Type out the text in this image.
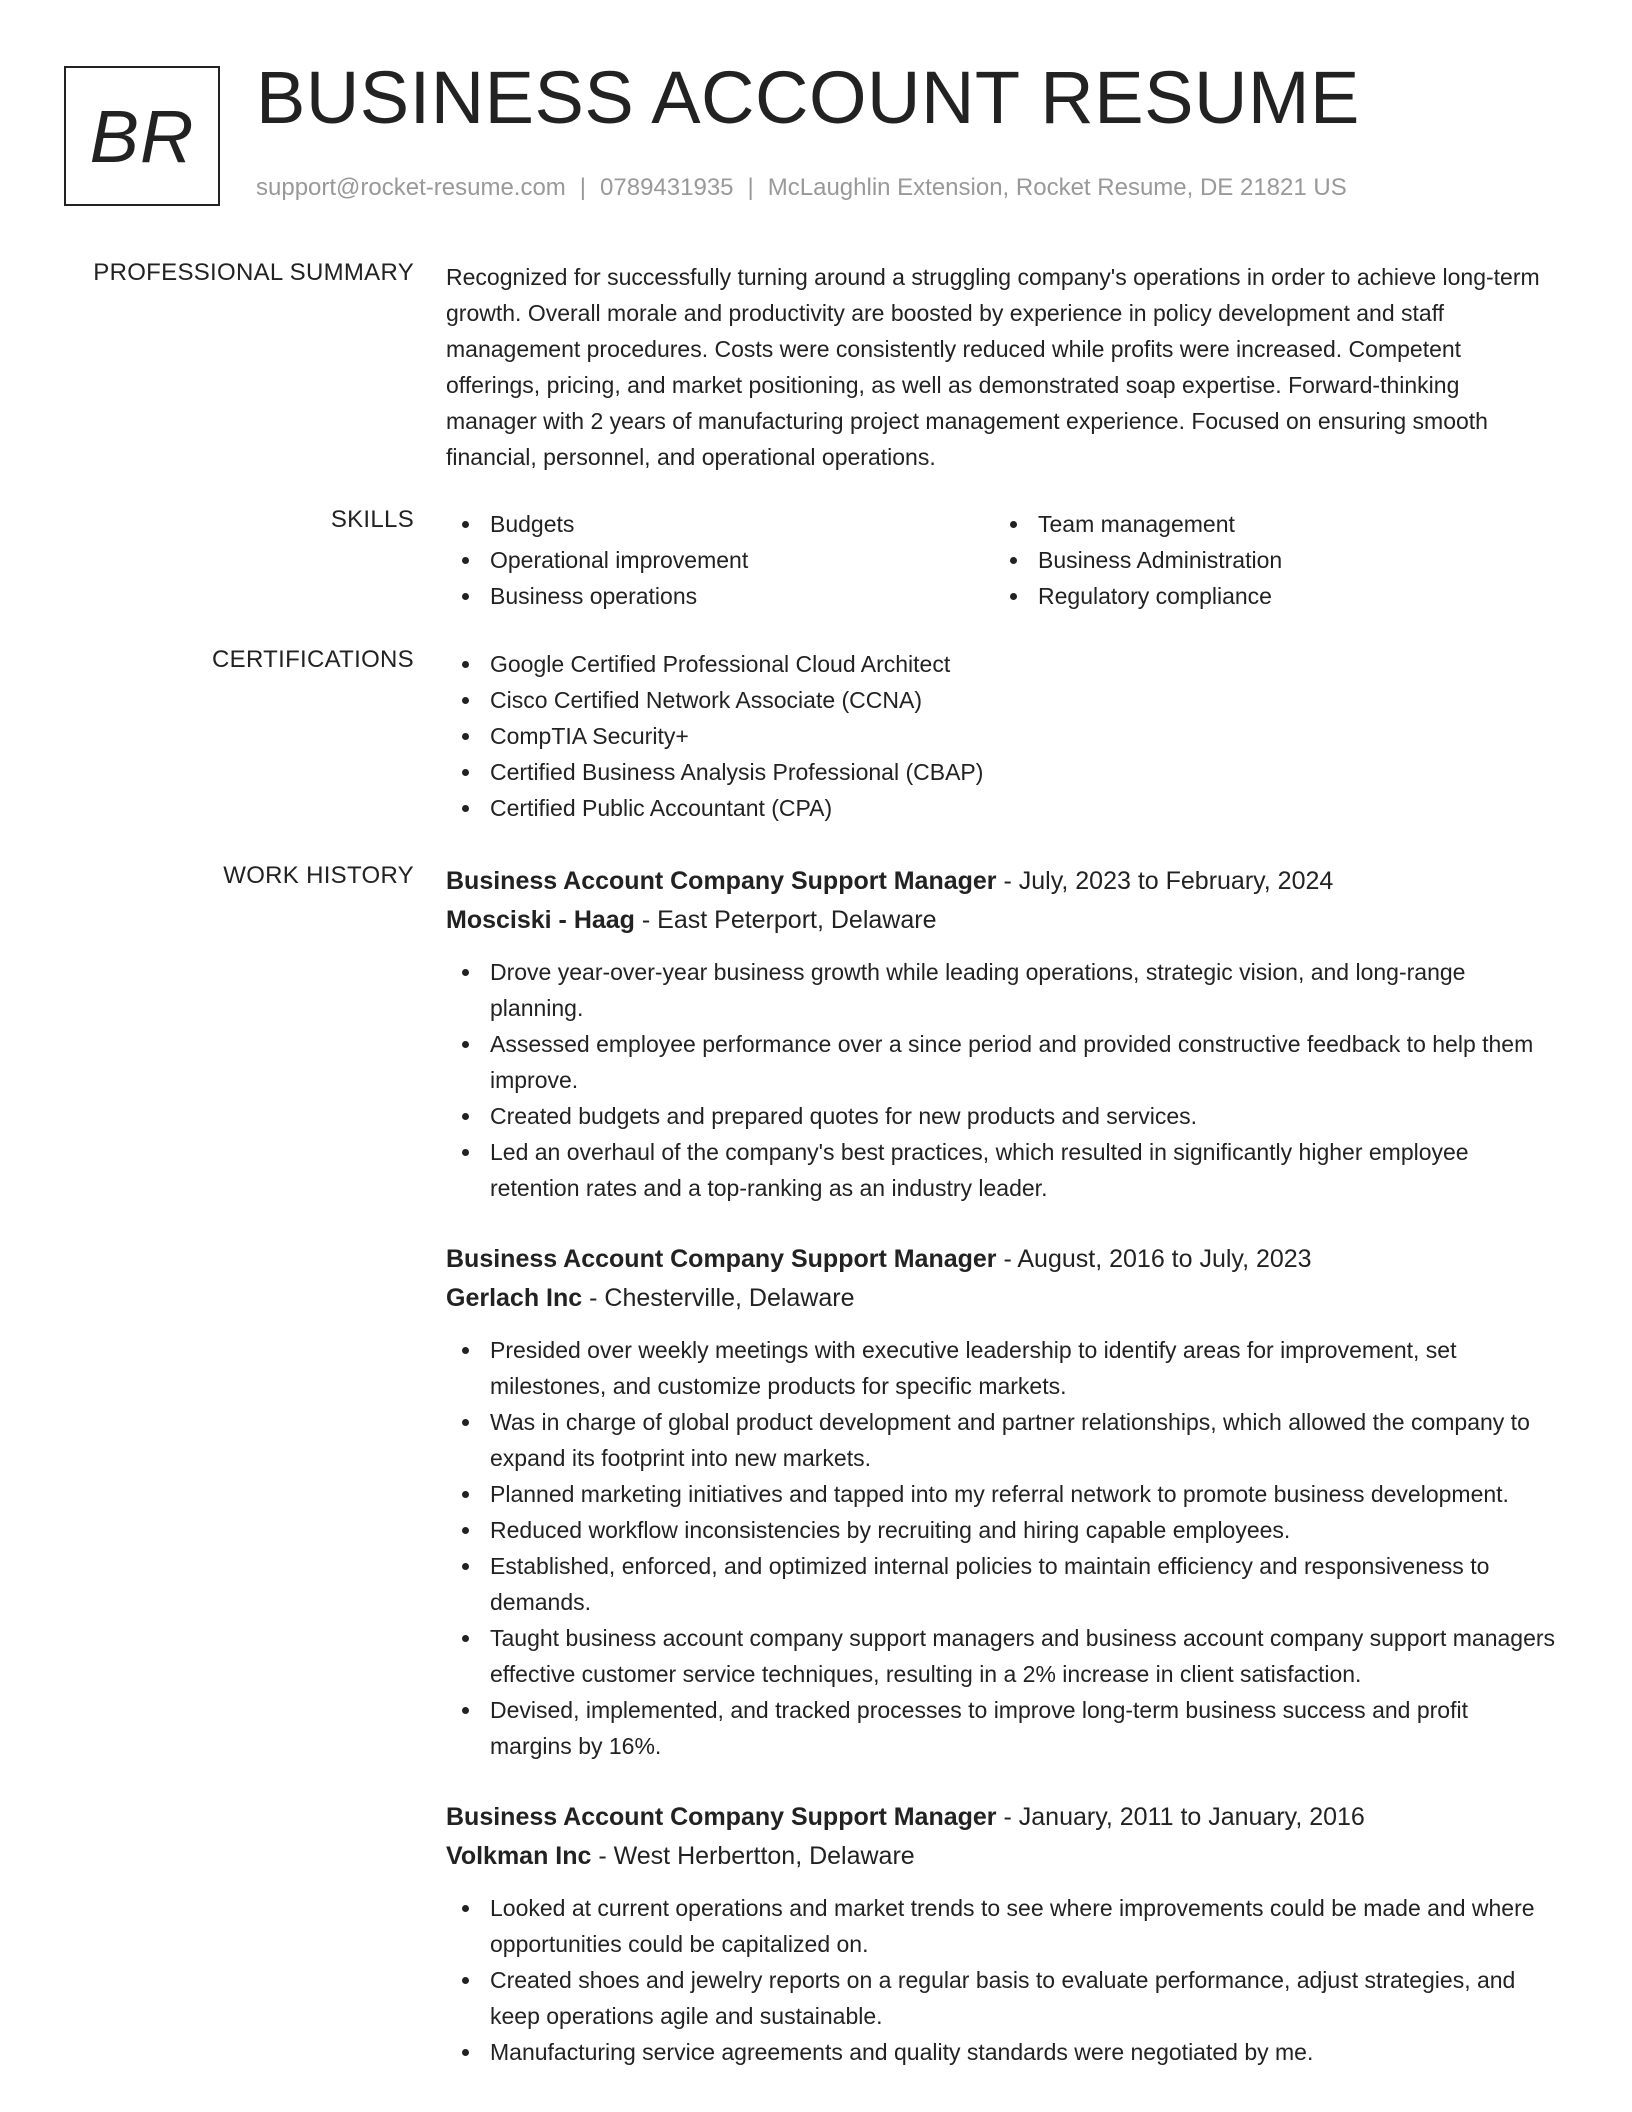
BR BUSINESS ACCOUNT RESUME
support@rocket-resume.com | 0789431935 | McLaughlin Extension, Rocket Resume, DE 21821 US
PROFESSIONAL SUMMARY Recognized for successfully turning around a struggling company's operations in order to achieve long-term growth. Overall morale and productivity are boosted by experience in policy development and staff management procedures. Costs were consistently reduced while profits were increased. Competent offerings, pricing, and market positioning, as well as demonstrated soap expertise. Forward-thinking manager with 2 years of manufacturing project management experience. Focused on ensuring smooth financial, personnel, and operational operations.

SKILLS	Budgets
Operational improvement
Business operations
Team management
Business Administration
Regulatory compliance
CERTIFICATIONS	Google Certified Professional Cloud Architect
Cisco Certified Network Associate (CCNA)
CompTIA Security+
Certified Business Analysis Professional (CBAP)
Certified Public Accountant (CPA)
WORK HISTORY Business Account Company Support Manager - July, 2023 to February, 2024
Mosciski - Haag - East Peterport, Delaware
Drove year-over-year business growth while leading operations, strategic vision, and long-range planning.
Assessed employee performance over a since period and provided constructive feedback to help them improve.
Created budgets and prepared quotes for new products and services.
Led an overhaul of the company's best practices, which resulted in significantly higher employee retention rates and a top-ranking as an industry leader.
Business Account Company Support Manager - August, 2016 to July, 2023
Gerlach Inc - Chesterville, Delaware
Presided over weekly meetings with executive leadership to identify areas for improvement, set milestones, and customize products for specific markets.
Was in charge of global product development and partner relationships, which allowed the company to expand its footprint into new markets.
Planned marketing initiatives and tapped into my referral network to promote business development.
Reduced workflow inconsistencies by recruiting and hiring capable employees.
Established, enforced, and optimized internal policies to maintain efficiency and responsiveness to demands.
Taught business account company support managers and business account company support managers effective customer service techniques, resulting in a 2% increase in client satisfaction.
Devised, implemented, and tracked processes to improve long-term business success and profit margins by 16%.
Business Account Company Support Manager - January, 2011 to January, 2016
Volkman Inc - West Herbertton, Delaware
Looked at current operations and market trends to see where improvements could be made and where opportunities could be capitalized on.
Created shoes and jewelry reports on a regular basis to evaluate performance, adjust strategies, and keep operations agile and sustainable.
Manufacturing service agreements and quality standards were negotiated by me.
